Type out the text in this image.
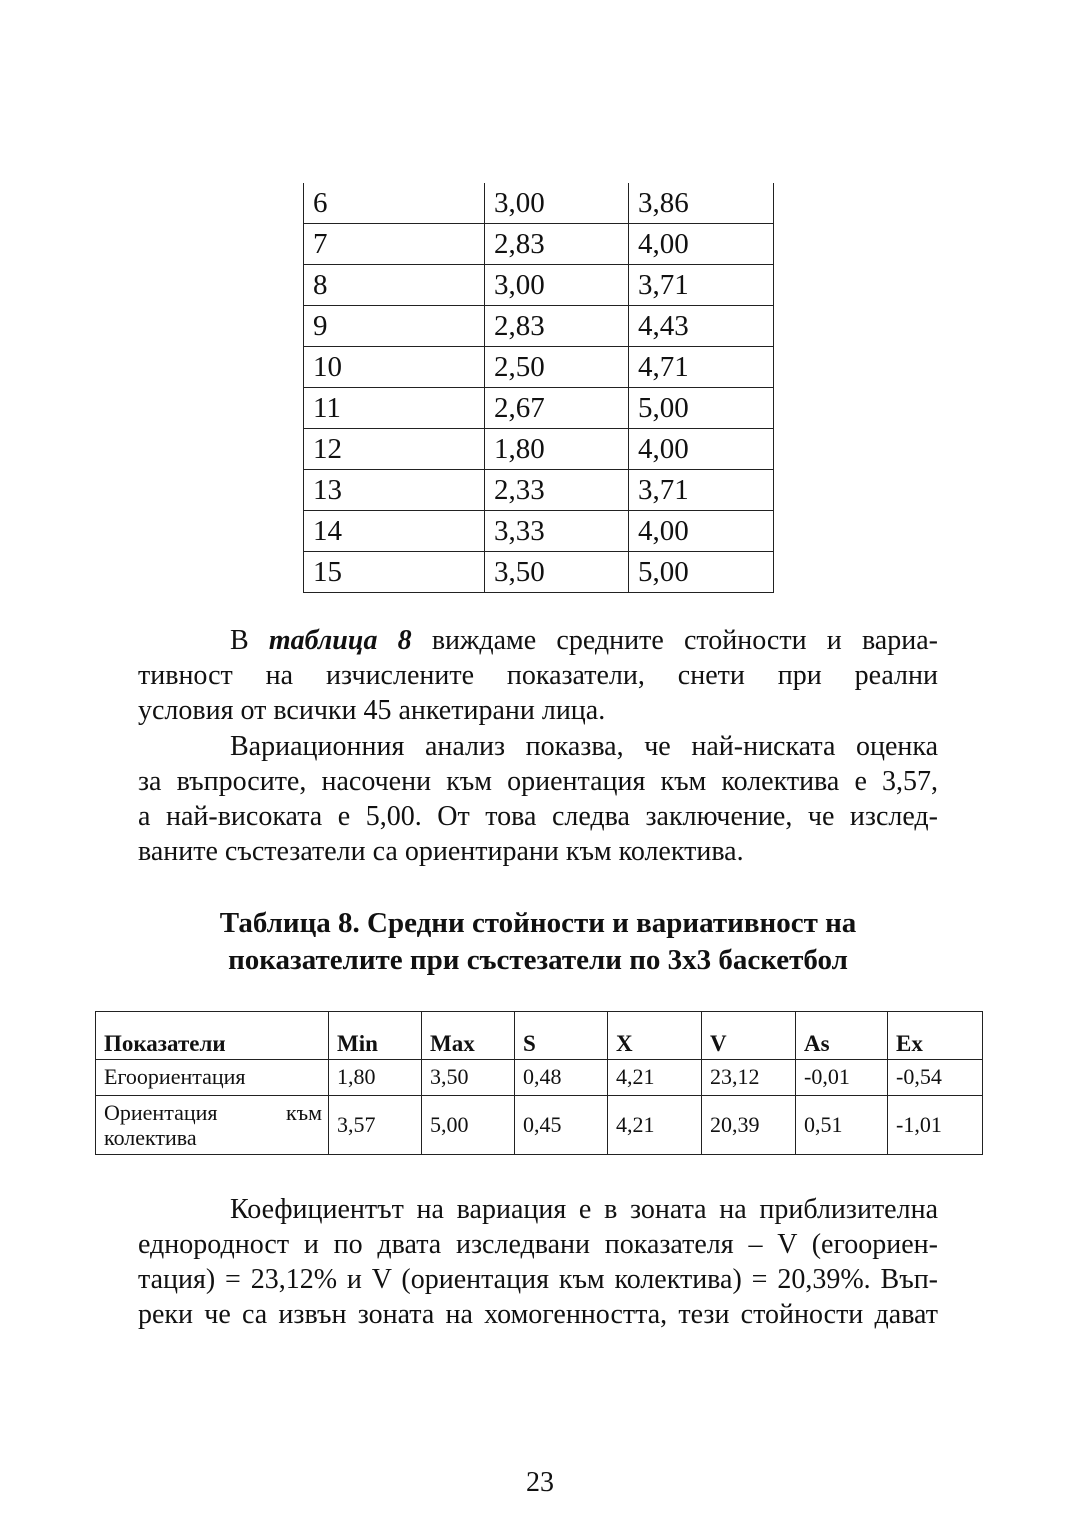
6	3,00	3,86
7	2,83	4,00
8	3,00	3,71
9	2,83	4,43
10	2,50	4,71
11	2,67	5,00
12	1,80	4,00
13	2,33	3,71
14	3,33	4,00
15	3,50	5,00
В таблица 8 виждаме средните стойности и вариа-
тивност на изчислените показатели, снети при реални
условия от всички 45 анкетирани лица.
Вариационния анализ показва, че най-ниската оценка
за въпросите, насочени към ориентация към колектива е 3,57,
а най-високата е 5,00. От това следва заключение, че изслед-
ваните състезатели са ориентирани към колектива.
Таблица 8. Средни стойности и вариативност на
показателите при състезатели по 3х3 баскетбол
Показатели	Min	Max	S	X	V	As	Ex
Егоориентация	1,80	3,50	0,48	4,21	23,12	-0,01	-0,54

Ориентация към
колектива	3,57	5,00	0,45	4,21	20,39	0,51	-1,01
Коефициентът на вариация е в зоната на приблизителна
еднородност и по двата изследвани показателя – V (егоориен-
тация) = 23,12% и V (ориентация към колектива) = 20,39%. Въп-
реки че са извън зоната на хомогенността, тези стойности дават
23
